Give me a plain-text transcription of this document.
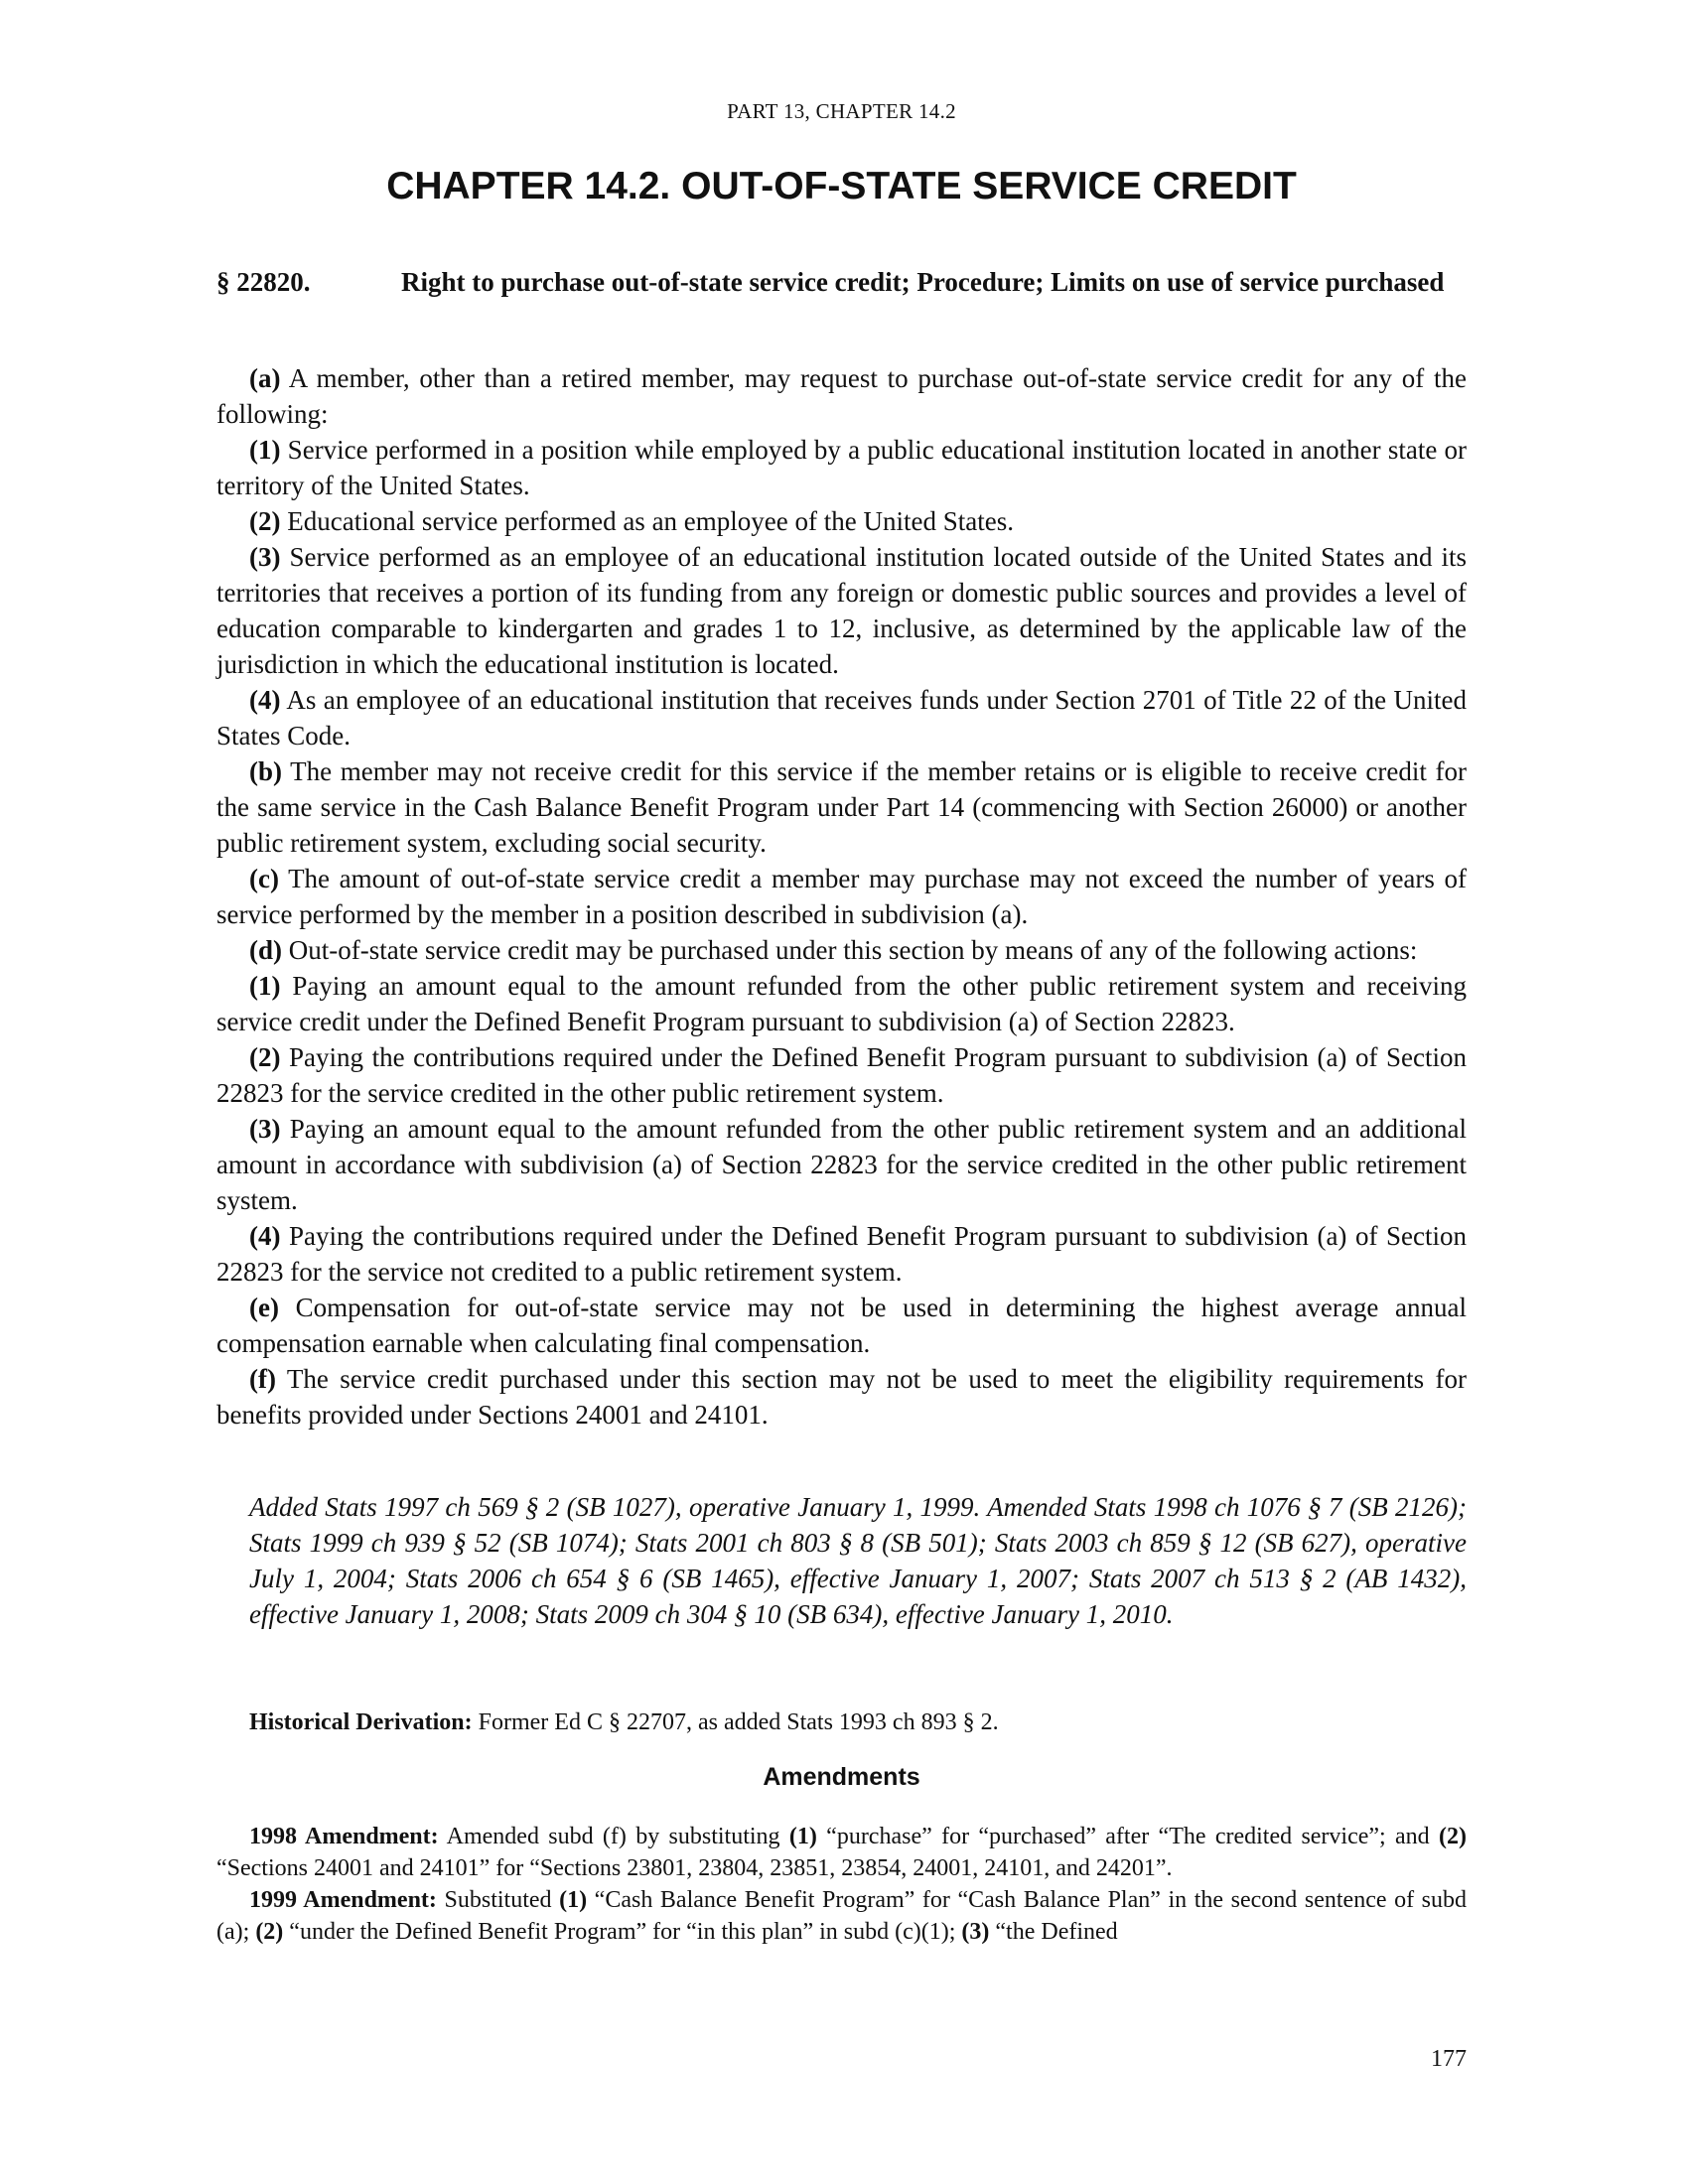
PART 13, CHAPTER 14.2
CHAPTER 14.2. OUT-OF-STATE SERVICE CREDIT
§ 22820.	Right to purchase out-of-state service credit; Procedure; Limits on use of service purchased

(a) A member, other than a retired member, may request to purchase out-of-state service credit for any of the following:

(1) Service performed in a position while employed by a public educational institution located in another state or territory of the United States.

(2) Educational service performed as an employee of the United States.

(3) Service performed as an employee of an educational institution located outside of the United States and its territories that receives a portion of its funding from any foreign or domestic public sources and provides a level of education comparable to kindergarten and grades 1 to 12, inclusive, as determined by the applicable law of the jurisdiction in which the educational institution is located.

(4) As an employee of an educational institution that receives funds under Section 2701 of Title 22 of the United States Code.

(b) The member may not receive credit for this service if the member retains or is eligible to receive credit for the same service in the Cash Balance Benefit Program under Part 14 (commencing with Section 26000) or another public retirement system, excluding social security.

(c) The amount of out-of-state service credit a member may purchase may not exceed the number of years of service performed by the member in a position described in subdivision (a).

(d) Out-of-state service credit may be purchased under this section by means of any of the following actions:

(1) Paying an amount equal to the amount refunded from the other public retirement system and receiving service credit under the Defined Benefit Program pursuant to subdivision (a) of Section 22823.

(2) Paying the contributions required under the Defined Benefit Program pursuant to subdivision (a) of Section 22823 for the service credited in the other public retirement system.

(3) Paying an amount equal to the amount refunded from the other public retirement system and an additional amount in accordance with subdivision (a) of Section 22823 for the service credited in the other public retirement system.

(4) Paying the contributions required under the Defined Benefit Program pursuant to subdivision (a) of Section 22823 for the service not credited to a public retirement system.

(e) Compensation for out-of-state service may not be used in determining the highest average annual compensation earnable when calculating final compensation.

(f) The service credit purchased under this section may not be used to meet the eligibility requirements for benefits provided under Sections 24001 and 24101.

Added Stats 1997 ch 569 § 2 (SB 1027), operative January 1, 1999. Amended Stats 1998 ch 1076 § 7 (SB 2126); Stats 1999 ch 939 § 52 (SB 1074); Stats 2001 ch 803 § 8 (SB 501); Stats 2003 ch 859 § 12 (SB 627), operative July 1, 2004; Stats 2006 ch 654 § 6 (SB 1465), effective January 1, 2007; Stats 2007 ch 513 § 2 (AB 1432), effective January 1, 2008; Stats 2009 ch 304 § 10 (SB 634), effective January 1, 2010.

Historical Derivation: Former Ed C § 22707, as added Stats 1993 ch 893 § 2.

Amendments

1998 Amendment: Amended subd (f) by substituting (1) “purchase” for “purchased” after “The credited service”; and (2) “Sections 24001 and 24101” for “Sections 23801, 23804, 23851, 23854, 24001, 24101, and 24201”.

1999 Amendment: Substituted (1) “Cash Balance Benefit Program” for “Cash Balance Plan” in the second sentence of subd (a); (2) “under the Defined Benefit Program” for “in this plan” in subd (c)(1); (3) “the Defined

177
